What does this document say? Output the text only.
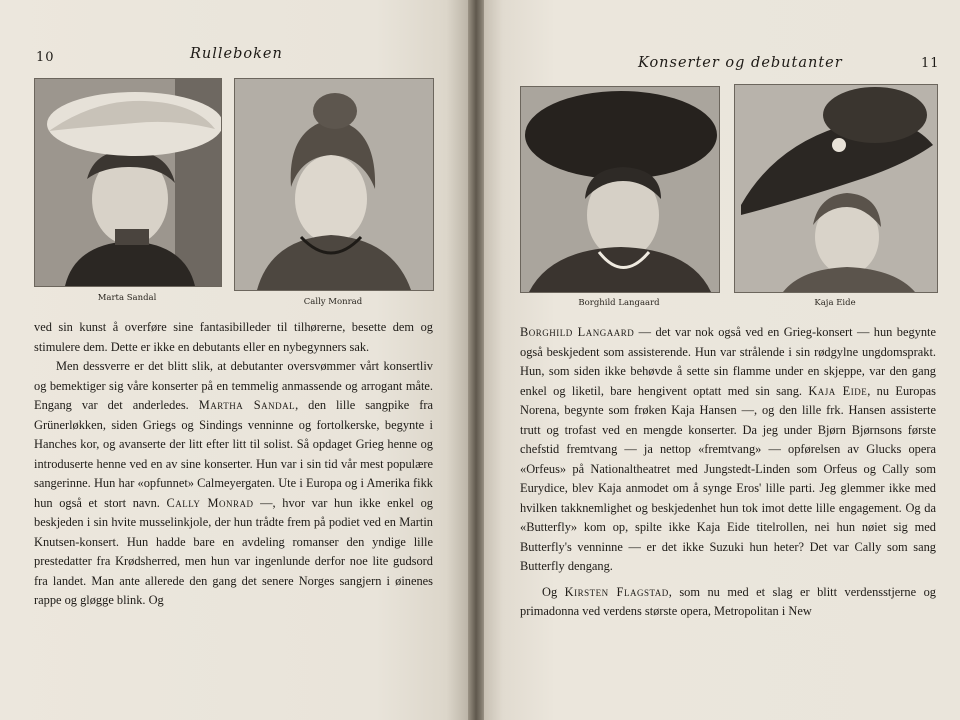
10	Rulleboken
Marta Sandal	Cally Monrad

ved sin kunst å overføre sine fantasibilleder til tilhørerne, besette dem og stimulere dem. Dette er ikke en debutants eller en nybegynners sak.

Men dessverre er det blitt slik, at debutanter oversvømmer vårt konsertliv og bemektiger sig våre konserter på en temmelig anmassende og arrogant måte. Engang var det anderledes. Martha Sandal, den lille sangpike fra Grünerløkken, siden Griegs og Sindings venninne og fortolkerske, begynte i Hanches kor, og avanserte der litt efter litt til solist. Så opdaget Grieg henne og introduserte henne ved en av sine konserter. Hun var i sin tid vår mest populære sangerinne. Hun har «opfunnet» Calmeyergaten. Ute i Europa og i Amerika fikk hun også et stort navn. Cally Monrad —, hvor var hun ikke enkel og beskjeden i sin hvite musselinkjole, der hun trådte frem på podiet ved en Martin Knutsen-konsert. Hun hadde bare en avdeling romanser den yndige lille prestedatter fra Krødsherred, men hun var ingenlunde derfor noe lite gudsord fra landet. Man ante allerede den gang det senere Norges sangjern i øinenes rappe og gløgge blink. Og

Konserter og debutanter	11
Borghild Langaard	Kaja Eide

Borghild Langaard — det var nok også ved en Grieg-konsert — hun begynte også beskjedent som assisterende. Hun var strålende i sin rødgylne ungdomsprakt. Hun, som siden ikke behøvde å sette sin flamme under en skjeppe, var den gang enkel og liketil, bare hengivent optatt med sin sang. Kaja Eide, nu Europas Norena, begynte som frøken Kaja Hansen —, og den lille frk. Hansen assisterte trutt og trofast ved en mengde konserter. Da jeg under Bjørn Bjørnsons første chefstid fremtvang — ja nettop «fremtvang» — opførelsen av Glucks opera «Orfeus» på Nationaltheatret med Jungstedt-Linden som Orfeus og Cally som Eurydice, blev Kaja anmodet om å synge Eros' lille parti. Jeg glemmer ikke med hvilken takknemlighet og beskjedenhet hun tok imot dette lille engagement. Og da «Butterfly» kom op, spilte ikke Kaja Eide titelrollen, nei hun nøiet sig med Butterfly's venninne — er det ikke Suzuki hun heter? Det var Cally som sang Butterfly dengang.

Og Kirsten Flagstad, som nu med et slag er blitt verdensstjerne og primadonna ved verdens største opera, Metropolitan i New
